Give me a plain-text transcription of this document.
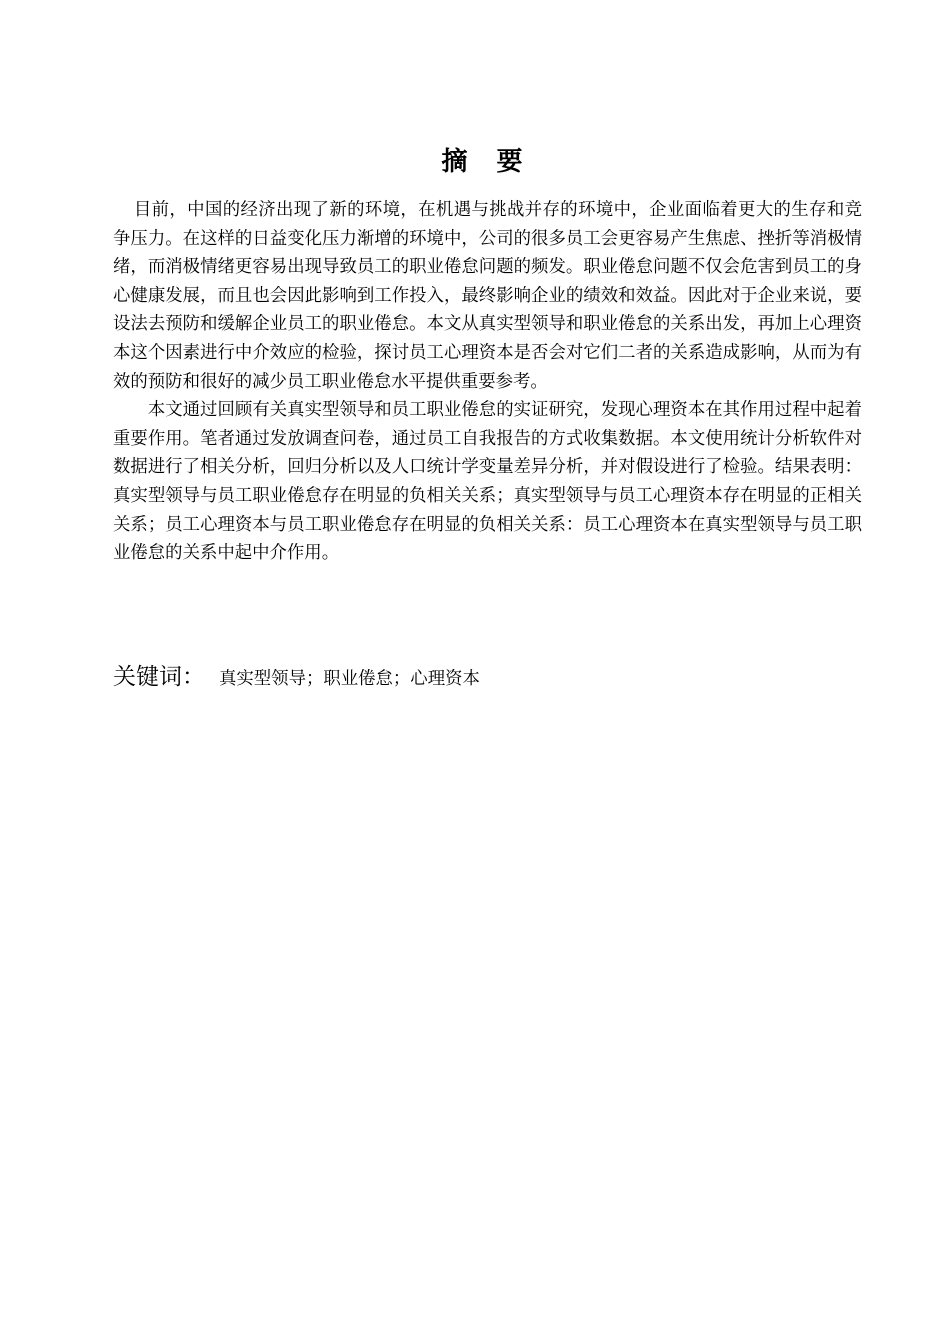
摘 要

目前，中国的经济出现了新的环境，在机遇与挑战并存的环境中，企业面临着更大的生存和竞争压力。在这样的日益变化压力渐增的环境中，公司的很多员工会更容易产生焦虑、挫折等消极情绪，而消极情绪更容易出现导致员工的职业倦怠问题的频发。职业倦怠问题不仅会危害到员工的身心健康发展，而且也会因此影响到工作投入，最终影响企业的绩效和效益。因此对于企业来说，要设法去预防和缓解企业员工的职业倦怠。本文从真实型领导和职业倦怠的关系出发，再加上心理资本这个因素进行中介效应的检验，探讨员工心理资本是否会对它们二者的关系造成影响，从而为有效的预防和很好的减少员工职业倦怠水平提供重要参考。

本文通过回顾有关真实型领导和员工职业倦怠的实证研究，发现心理资本在其作用过程中起着重要作用。笔者通过发放调查问卷，通过员工自我报告的方式收集数据。本文使用统计分析软件对数据进行了相关分析，回归分析以及人口统计学变量差异分析，并对假设进行了检验。结果表明：真实型领导与员工职业倦怠存在明显的负相关关系；真实型领导与员工心理资本存在明显的正相关关系；员工心理资本与员工职业倦怠存在明显的负相关关系：员工心理资本在真实型领导与员工职业倦怠的关系中起中介作用。

关键词： 真实型领导；职业倦怠；心理资本
